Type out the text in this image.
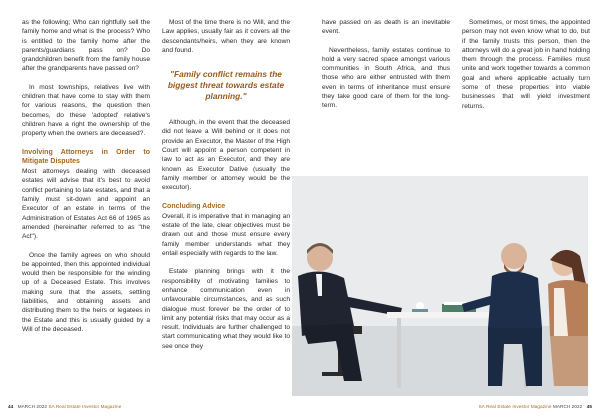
as the following; Who can rightfully sell the family home and what is the process? Who is entitled to the family home after the parents/guardians pass on? Do grandchildren benefit from the family house after the grandparents have passed on?

In most townships, relatives live with children that have come to stay with them for various reasons, the question then becomes, do these 'adopted' relative's children have a right the ownership of the property when the owners are deceased?.

Involving Attorneys in Order to Mitigate Disputes

Most attorneys dealing with deceased estates will advise that it's best to avoid conflict pertaining to late estates, and that a family must sit-down and appoint an Executor of an estate in terms of the Administration of Estates Act 66 of 1965 as amended (hereinafter referred to as "the Act").

Once the family agrees on who should be appointed, then this appointed individual would then be responsible for the winding up of a Deceased Estate. This involves making sure that the assets, settling liabilities, and obtaining assets and distributing them to the heirs or legatees in the Estate and this is usually guided by a Will of the deceased.

Most of the time there is no Will, and the Law applies, usually fair as it covers all the descendants/heirs, when they are known and found.

"Family conflict remains the biggest threat towards estate planning."

Although, in the event that the deceased did not leave a Will behind or it does not provide an Executor, the Master of the High Court will appoint a person competent in law to act as an Executor, and they are known as Executor Dative (usually the family member or attorney would be the executor).

Concluding Advice

Overall, it is imperative that in managing an estate of the late, clear objectives must be drawn out and those must ensure every family member understands what they entail especially with regards to the law.

Estate planning brings with it the responsibility of motivating families to enhance communication even in unfavourable circumstances, and as such dialogue must forever be the order of to limit any potential risks that may occur as a result. Individuals are further challenged to start communicating what they would like to see once they

44 MARCH 2022 SA Real Estate Investor Magazine

have passed on as death is an inevitable event.

Nevertheless, family estates continue to hold a very sacred space amongst various communities in South Africa, and thus those who are either entrusted with them even in terms of inheritance must ensure they take good care of them for the long-term.

Sometimes, or most times, the appointed person may not even know what to do, but if the family trusts this person, then the attorneys will do a great job in hand holding them through the process. Families must unite and work together towards a common goal and where applicable actually turn some of these properties into viable businesses that will yield investment returns.

SA Real Estate Investor Magazine MARCH 2022 45
